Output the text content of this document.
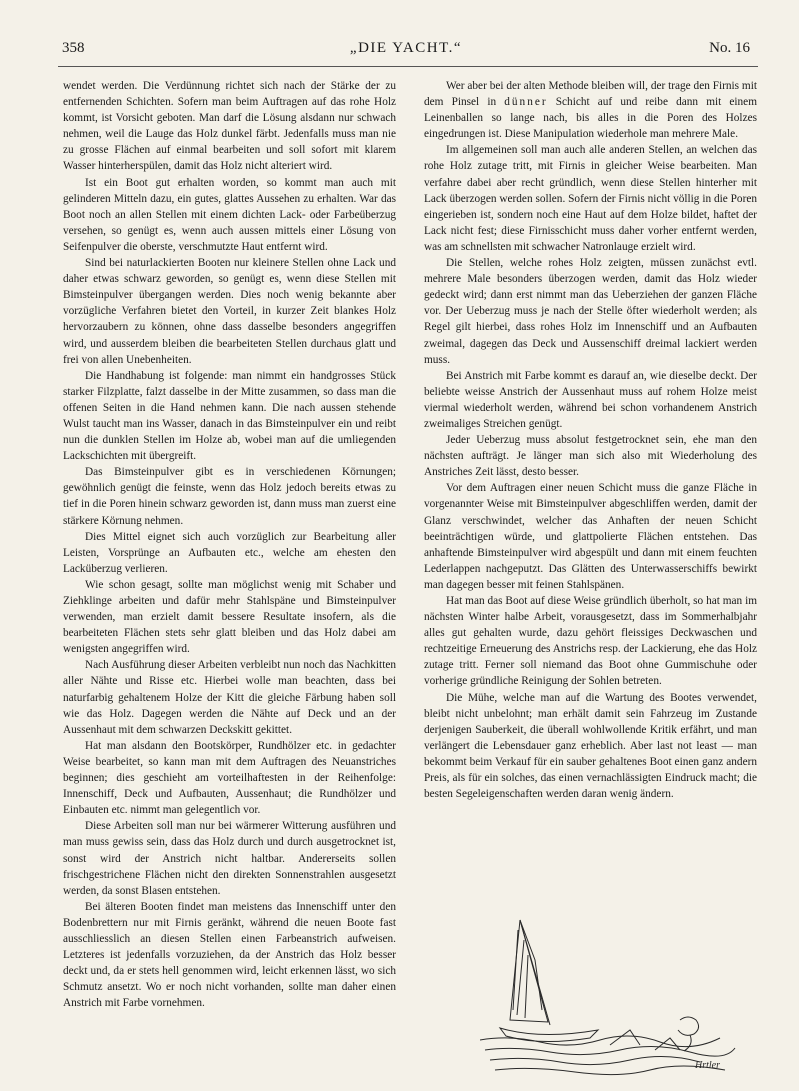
358	„DIE YACHT.“	No. 16

wendet werden. Die Verdünnung richtet sich nach der Stärke der zu entfernenden Schichten. Sofern man beim Auftragen auf das rohe Holz kommt, ist Vorsicht geboten. Man darf die Lösung alsdann nur schwach nehmen, weil die Lauge das Holz dunkel färbt. Jedenfalls muss man nie zu grosse Flächen auf einmal bearbeiten und soll sofort mit klarem Wasser hinterherspülen, damit das Holz nicht alteriert wird.

Ist ein Boot gut erhalten worden, so kommt man auch mit gelinderen Mitteln dazu, ein gutes, glattes Aussehen zu erhalten. War das Boot noch an allen Stellen mit einem dichten Lack- oder Farbeüberzug versehen, so genügt es, wenn auch aussen mittels einer Lösung von Seifenpulver die oberste, verschmutzte Haut entfernt wird.

Sind bei naturlackierten Booten nur kleinere Stellen ohne Lack und daher etwas schwarz geworden, so genügt es, wenn diese Stellen mit Bimsteinpulver übergangen werden. Dies noch wenig bekannte aber vorzügliche Verfahren bietet den Vorteil, in kurzer Zeit blankes Holz hervorzaubern zu können, ohne dass dasselbe besonders angegriffen wird, und ausserdem bleiben die bearbeiteten Stellen durchaus glatt und frei von allen Unebenheiten.

Die Handhabung ist folgende: man nimmt ein handgrosses Stück starker Filzplatte, falzt dasselbe in der Mitte zusammen, so dass man die offenen Seiten in die Hand nehmen kann. Die nach aussen stehende Wulst taucht man ins Wasser, danach in das Bimsteinpulver ein und reibt nun die dunklen Stellen im Holze ab, wobei man auf die umliegenden Lackschichten mit übergreift.

Das Bimsteinpulver gibt es in verschiedenen Körnungen; gewöhnlich genügt die feinste, wenn das Holz jedoch bereits etwas zu tief in die Poren hinein schwarz geworden ist, dann muss man zuerst eine stärkere Körnung nehmen.

Dies Mittel eignet sich auch vorzüglich zur Bearbeitung aller Leisten, Vorsprünge an Aufbauten etc., welche am ehesten den Lacküberzug verlieren.

Wie schon gesagt, sollte man möglichst wenig mit Schaber und Ziehklinge arbeiten und dafür mehr Stahlspäne und Bimsteinpulver verwenden, man erzielt damit bessere Resultate insofern, als die bearbeiteten Flächen stets sehr glatt bleiben und das Holz dabei am wenigsten angegriffen wird.

Nach Ausführung dieser Arbeiten verbleibt nun noch das Nachkitten aller Nähte und Risse etc. Hierbei wolle man beachten, dass bei naturfarbig gehaltenem Holze der Kitt die gleiche Färbung haben soll wie das Holz. Dagegen werden die Nähte auf Deck und an der Aussenhaut mit dem schwarzen Deckskitt gekittet.

Hat man alsdann den Bootskörper, Rundhölzer etc. in gedachter Weise bearbeitet, so kann man mit dem Auftragen des Neuanstriches beginnen; dies geschieht am vorteilhaftesten in der Reihenfolge: Innenschiff, Deck und Aufbauten, Aussenhaut; die Rundhölzer und Einbauten etc. nimmt man gelegentlich vor.

Diese Arbeiten soll man nur bei wärmerer Witterung ausführen und man muss gewiss sein, dass das Holz durch und durch ausgetrocknet ist, sonst wird der Anstrich nicht haltbar. Andererseits sollen frischgestrichene Flächen nicht den direkten Sonnenstrahlen ausgesetzt werden, da sonst Blasen entstehen.

Bei älteren Booten findet man meistens das Innenschiff unter den Bodenbrettern nur mit Firnis geränkt, während die neuen Boote fast ausschliesslich an diesen Stellen einen Farbeanstrich aufweisen. Letzteres ist jedenfalls vorzuziehen, da der Anstrich das Holz besser deckt und, da er stets hell genommen wird, leicht erkennen lässt, wo sich Schmutz ansetzt. Wo er noch nicht vorhanden, sollte man daher einen Anstrich mit Farbe vornehmen.

Wer aber bei der alten Methode bleiben will, der trage den Firnis mit dem Pinsel in dünner Schicht auf und reibe dann mit einem Leinenballen so lange nach, bis alles in die Poren des Holzes eingedrungen ist. Diese Manipulation wiederhole man mehrere Male.

Im allgemeinen soll man auch alle anderen Stellen, an welchen das rohe Holz zutage tritt, mit Firnis in gleicher Weise bearbeiten. Man verfahre dabei aber recht gründlich, wenn diese Stellen hinterher mit Lack überzogen werden sollen. Sofern der Firnis nicht völlig in die Poren eingerieben ist, sondern noch eine Haut auf dem Holze bildet, haftet der Lack nicht fest; diese Firnisschicht muss daher vorher entfernt werden, was am schnellsten mit schwacher Natronlauge erzielt wird.

Die Stellen, welche rohes Holz zeigten, müssen zunächst evtl. mehrere Male besonders überzogen werden, damit das Holz wieder gedeckt wird; dann erst nimmt man das Ueberziehen der ganzen Fläche vor. Der Ueberzug muss je nach der Stelle öfter wiederholt werden; als Regel gilt hierbei, dass rohes Holz im Innenschiff und an Aufbauten zweimal, dagegen das Deck und Aussenschiff dreimal lackiert werden muss.

Bei Anstrich mit Farbe kommt es darauf an, wie dieselbe deckt. Der beliebte weisse Anstrich der Aussenhaut muss auf rohem Holze meist viermal wiederholt werden, während bei schon vorhandenem Anstrich zweimaliges Streichen genügt.

Jeder Ueberzug muss absolut festgetrocknet sein, ehe man den nächsten aufträgt. Je länger man sich also mit Wiederholung des Anstriches Zeit lässt, desto besser.

Vor dem Auftragen einer neuen Schicht muss die ganze Fläche in vorgenannter Weise mit Bimsteinpulver abgeschliffen werden, damit der Glanz verschwindet, welcher das Anhaften der neuen Schicht beeinträchtigen würde, und glattpolierte Flächen entstehen. Das anhaftende Bimsteinpulver wird abgespült und dann mit einem feuchten Lederlappen nachgeputzt. Das Glätten des Unterwasserschiffs bewirkt man dagegen besser mit feinen Stahlspänen.

Hat man das Boot auf diese Weise gründlich überholt, so hat man im nächsten Winter halbe Arbeit, vorausgesetzt, dass im Sommerhalbjahr alles gut gehalten wurde, dazu gehört fleissiges Deckwaschen und rechtzeitige Erneuerung des Anstrichs resp. der Lackierung, ehe das Holz zutage tritt. Ferner soll niemand das Boot ohne Gummischuhe oder vorherige gründliche Reinigung der Sohlen betreten.

Die Mühe, welche man auf die Wartung des Bootes verwendet, bleibt nicht unbelohnt; man erhält damit sein Fahrzeug im Zustande derjenigen Sauberkeit, die überall wohlwollende Kritik erfährt, und man verlängert die Lebensdauer ganz erheblich. Aber last not least — man bekommt beim Verkauf für ein sauber gehaltenes Boot einen ganz andern Preis, als für ein solches, das einen vernachlässigten Eindruck macht; die besten Segeleigenschaften werden daran wenig ändern.

Hrtler
